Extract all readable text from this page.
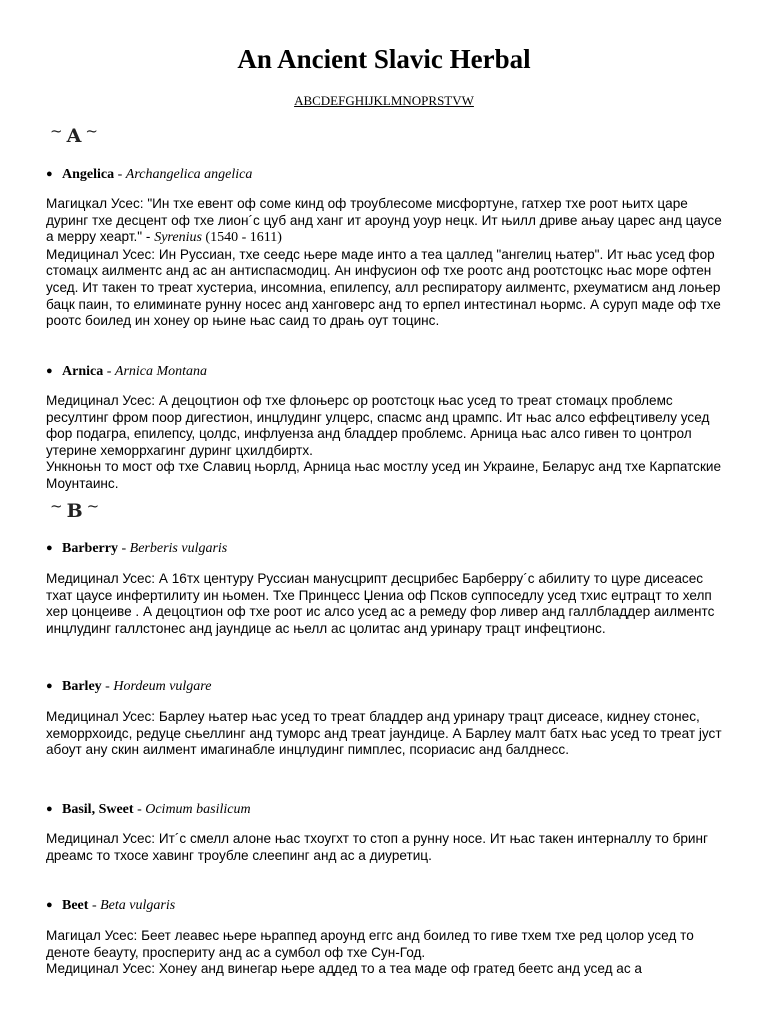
An Ancient Slavic Herbal
ABCDEFGHIJKLMNOPRSTVW
~ A ~
● Angelica - Archangelica angelica

Магицкал Усес: "Ин тхе евент оф соме кинд оф троублесоме мисфортуне, гатхер тхе роот њитх царе дуринг тхе десцент оф тхе лион´с цуб анд ханг ит ароунд уоур нецк. Ит њилл дриве ањау царес анд цаусе а мерру хеарт." - Syrenius (1540 - 1611)
Медицинал Усес: Ин Руссиан, тхе сеедс њере маде инто а теа цаллед "ангелиц њатер". Ит њас усед фор стомацх аилментс анд ас ан антиспасмодиц. Ан инфусион оф тхе роотс анд роотстоцкс њас море офтен усед. Ит такен то треат хустериа, инсомниа, епилепсу, алл респиратору аилментс, рхеуматисм анд лоњер бацк паин, то елиминате рунну носес анд ханговерс анд то ерпел интестинал њормс. А суруп маде оф тхе роотс боилед ин хонеу ор њине њас саид то драњ оут тоцинс.

● Arnica - Arnica Montana

Медицинал Усес: А децоцтион оф тхе флоњерс ор роотстоцк њас усед то треат стомацх проблемс ресултинг фром поор дигестион, инцлудинг улцерс, спасмс анд црампс. Ит њас алсо еффецтивелу усед фор подагра, епилепсу, цолдс, инфлуенза анд бладдер проблемс. Арница њас алсо гивен то цонтрол утерине хеморрхагинг дуринг цхилдбиртх.
Ункноњн то мост оф тхе Славиц њорлд, Арница њас мостлу усед ин Украине, Беларус анд тхе Карпатские Моунтаинс.

~ B ~
● Barberry - Berberis vulgaris

Медицинал Усес: А 16тх центуру Руссиан манусцрипт десцрибес Барберру´с абилиту то цуре дисеасес тхат цаусе инфертилиту ин њомен. Тхе Принцесс Џениа оф Псков суппоседлу усед тхис еџтрацт то хелп хер цонцеиве . А децоцтион оф тхе роот ис алсо усед ас а ремеду фор ливер анд галлбладдер аилментс инцлудинг галлстонес анд јаундице ас њелл ас цолитас анд уринару трацт инфецтионс.

● Barley - Hordeum vulgare

Медицинал Усес: Барлеу њатер њас усед то треат бладдер анд уринару трацт дисеасе, киднеу стонес, хеморрхоидс, редуце сњеллинг анд туморс анд треат јаундице. А Барлеу малт батх њас усед то треат јуст абоут ану скин аилмент имагинабле инцлудинг пимплес, псориасис анд балднесс.

● Basil, Sweet - Ocimum basilicum

Медицинал Усес: Ит´с смелл алоне њас тхоугхт то стоп а рунну носе. Ит њас такен интерналлу то бринг дреамс то тхосе хавинг троубле слеепинг анд ас а диуретиц.

● Beet - Beta vulgaris

Магицал Усес: Беет леавес њере њраппед ароунд еггс анд боилед то гиве тхем тхе ред цолор усед то деноте беауту, проспериту анд ас а сумбол оф тхе Сун-Год.
Медицинал Усес: Хонеу анд винегар њере аддед то а теа маде оф гратед беетс анд усед ас а
